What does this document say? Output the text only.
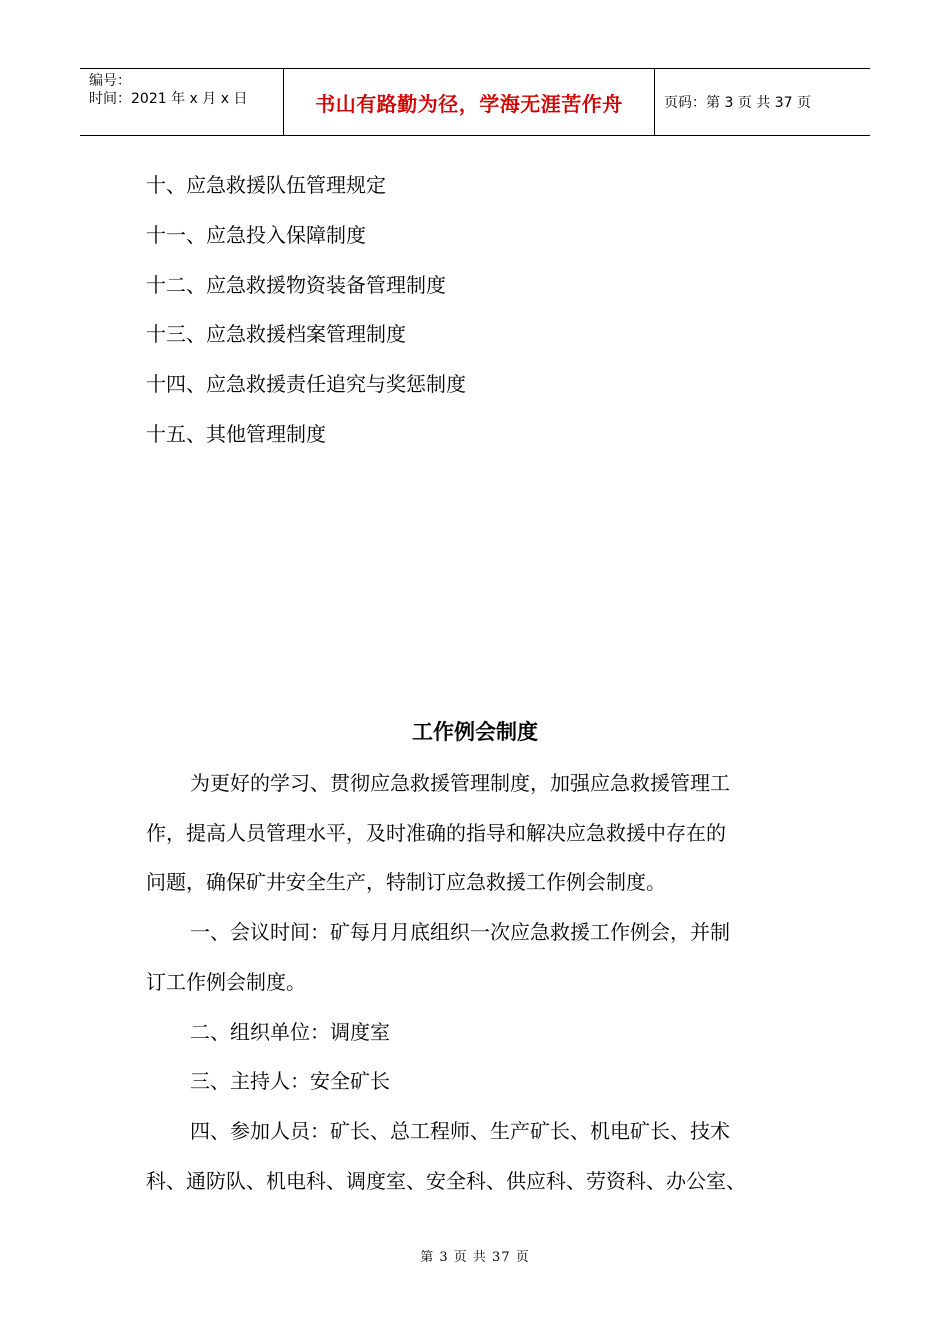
编号：
时间：2021 年 x 月 x 日	书山有路勤为径，学海无涯苦作舟	页码：第 3 页 共 37 页
十、应急救援队伍管理规定
十一、应急投入保障制度
十二、应急救援物资装备管理制度
十三、应急救援档案管理制度
十四、应急救援责任追究与奖惩制度
十五、其他管理制度
工作例会制度
为更好的学习、贯彻应急救援管理制度，加强应急救援管理工
作，提高人员管理水平，及时准确的指导和解决应急救援中存在的
问题，确保矿井安全生产，特制订应急救援工作例会制度。
一、会议时间：矿每月月底组织一次应急救援工作例会，并制
订工作例会制度。
二、组织单位：调度室
三、主持人：安全矿长
四、参加人员：矿长、总工程师、生产矿长、机电矿长、技术
科、通防队、机电科、调度室、安全科、供应科、劳资科、办公室、
第 3 页 共 37 页
